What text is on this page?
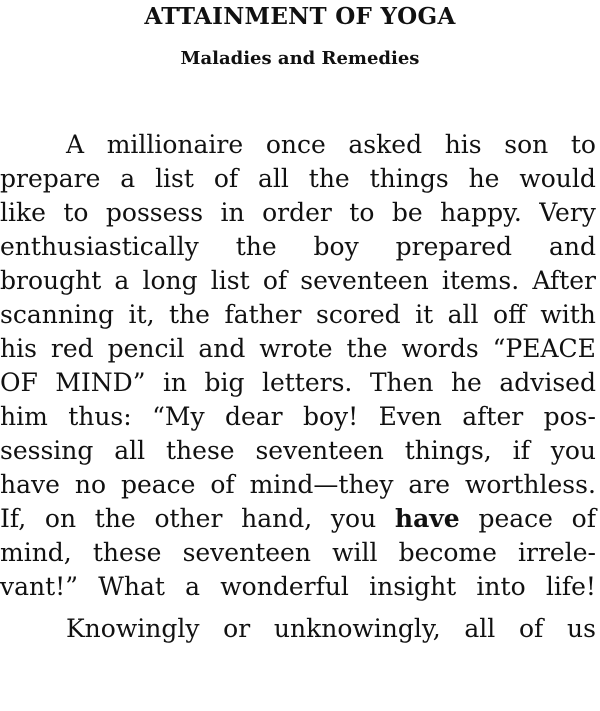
ATTAINMENT OF YOGA
Maladies and Remedies
A millionaire once asked his son to
prepare a list of all the things he would
like to possess in order to be happy. Very
enthusiastically the boy prepared and
brought a long list of seventeen items. After
scanning it, the father scored it all off with
his red pencil and wrote the words “PEACE
OF MIND” in big letters. Then he advised
him thus: “My dear boy! Even after pos-
sessing all these seventeen things, if you
have no peace of mind—they are worthless.
If, on the other hand, you have peace of
mind, these seventeen will become irrele-
vant!” What a wonderful insight into life!
Knowingly or unknowingly, all of us
